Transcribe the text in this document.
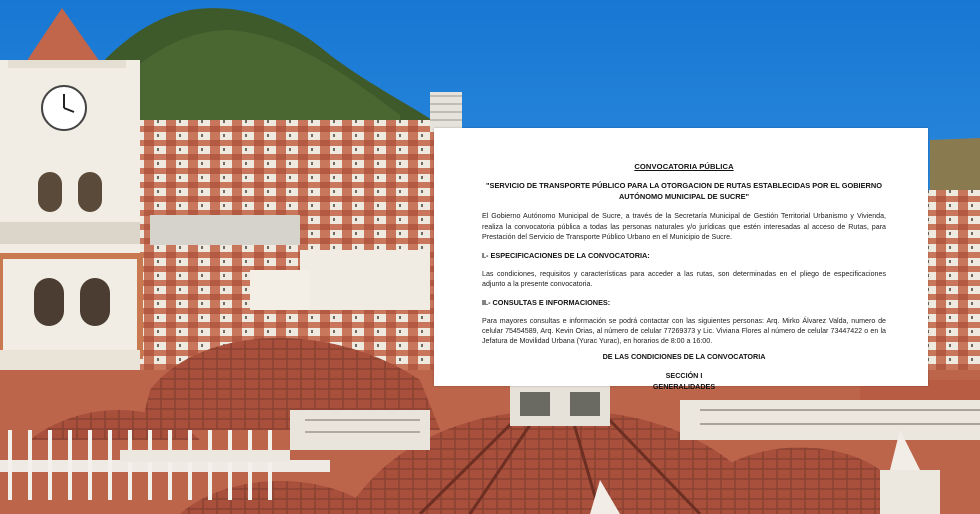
CONVOCATORIA PÚBLICA

"SERVICIO DE TRANSPORTE PÚBLICO PARA LA OTORGACION DE RUTAS ESTABLECIDAS POR EL GOBIERNO AUTÓNOMO MUNICIPAL DE SUCRE"

El Gobierno Autónomo Municipal de Sucre, a través de la Secretaría Municipal de Gestión Territorial Urbanismo y Vivienda, realiza la convocatoria pública a todas las personas naturales y/o jurídicas que estén interesadas al acceso de Rutas, para Prestación del Servicio de Transporte Público Urbano en el Municipio de Sucre.

I.- ESPECIFICACIONES DE LA CONVOCATORIA:

Las condiciones, requisitos y características para acceder a las rutas, son determinadas en el pliego de especificaciones adjunto a la presente convocatoria.

II.- CONSULTAS E INFORMACIONES:

Para mayores consultas e información se podrá contactar con las siguientes personas: Arq. Mirko Álvarez Valda, numero de celular 75454589, Arq. Kevin Orias, al número de celular 77269373 y Lic. Viviana Flores al número de celular 73447422 o en la Jefatura de Movilidad Urbana (Yurac Yurac), en horarios de 8:00 a 16:00.

DE LAS CONDICIONES DE LA CONVOCATORIA

SECCIÓN I

GENERALIDADES
